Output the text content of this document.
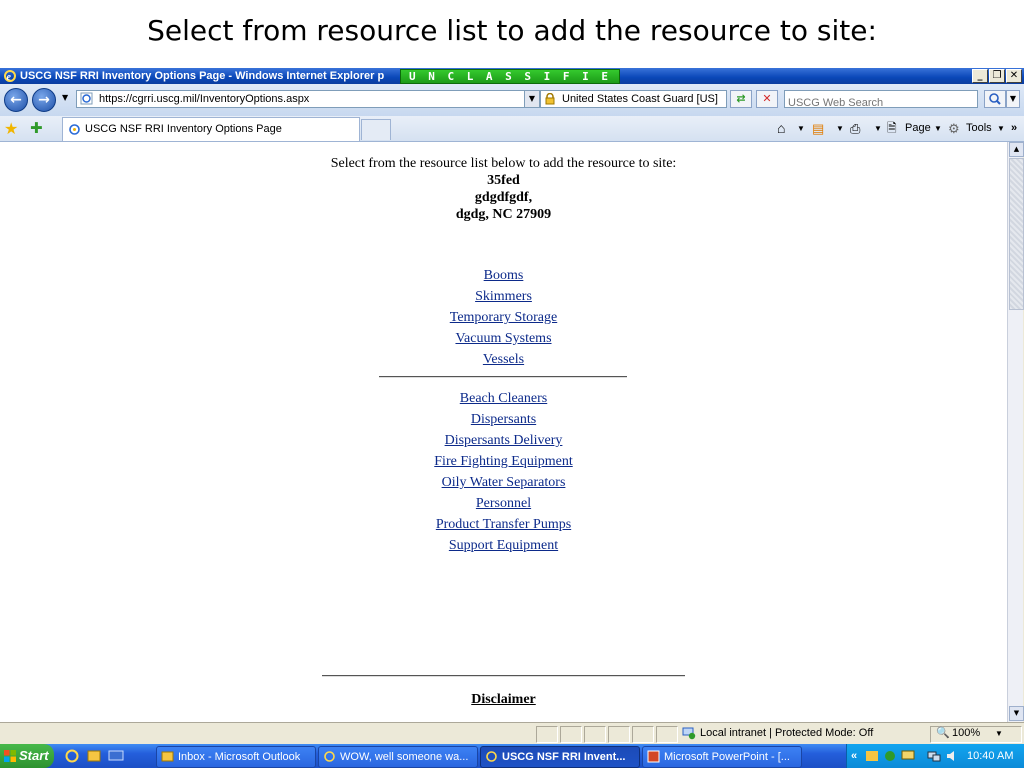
Select from resource list to add the resource to site:
e USCG NSF RRI Inventory Options Page - Windows Internet Explorer p	U N C L A S S I F I E	_	❐ ✕
←	→	▼	https://cgrri.uscg.mil/InventoryOptions.aspx	▼	United States Coast Guard [US]	⇄	✕
USCG Web Search	▼
★ ✚	USCG NSF RRI Inventory Options Page	⌂ ▼ ▤ ▼ ⎙ ▼ 🗎 Page ▼ ⚙ Tools ▼ »
Select from the resource list below to add the resource to site:
35fed
gdgdfgdf,
dgdg, NC 27909
Booms
Skimmers
Temporary Storage
Vacuum Systems
Vessels
Beach Cleaners
Dispersants
Dispersants Delivery
Fire Fighting Equipment
Oily Water Separators
Personnel
Product Transfer Pumps
Support Equipment
Disclaimer
▲
▼
Local intranet | Protected Mode: Off	🔍 100% ▼
Start	Inbox - Microsoft Outlook	WOW, well someone wa...	USCG NSF RRI Invent...	Microsoft PowerPoint - [...	«	10:40 AM
